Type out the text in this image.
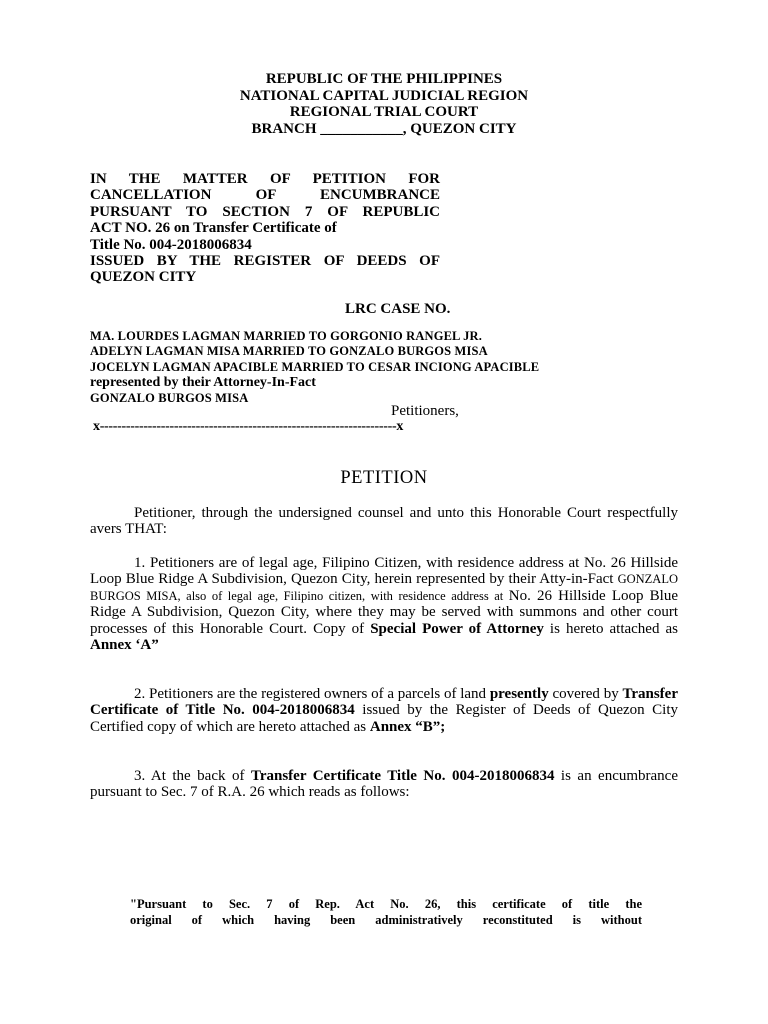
REPUBLIC OF THE PHILIPPINES
NATIONAL CAPITAL JUDICIAL REGION
REGIONAL TRIAL COURT
BRANCH ___________, QUEZON CITY
IN THE MATTER OF PETITION FOR
CANCELLATION OF ENCUMBRANCE
PURSUANT TO SECTION 7 OF REPUBLIC
ACT NO. 26 on Transfer Certificate of
Title No. 004-2018006834
ISSUED BY THE REGISTER OF DEEDS OF
QUEZON CITY
LRC CASE NO.
MA. LOURDES LAGMAN MARRIED TO GORGONIO RANGEL JR.
ADELYN LAGMAN MISA MARRIED TO GONZALO BURGOS MISA
JOCELYN LAGMAN APACIBLE MARRIED TO CESAR INCIONG APACIBLE
represented by their Attorney-In-Fact
GONZALO BURGOS MISA
Petitioners,
x--------------------------------------------------------------------x
PETITION
Petitioner, through the undersigned counsel and unto this Honorable Court respectfully avers THAT:
1. Petitioners are of legal age, Filipino Citizen, with residence address at No. 26 Hillside Loop Blue Ridge A Subdivision, Quezon City, herein represented by their Atty-in-Fact GONZALO BURGOS MISA, also of legal age, Filipino citizen, with residence address at No. 26 Hillside Loop Blue Ridge A Subdivision, Quezon City, where they may be served with summons and other court processes of this Honorable Court. Copy of Special Power of Attorney is hereto attached as Annex ‘A”
2. Petitioners are the registered owners of a parcels of land presently covered by Transfer Certificate of Title No. 004-2018006834 issued by the Register of Deeds of Quezon City Certified copy of which are hereto attached as Annex “B”;
3. At the back of Transfer Certificate Title No. 004-2018006834 is an encumbrance pursuant to Sec. 7 of R.A. 26 which reads as follows:
"Pursuant to Sec. 7 of Rep. Act No. 26, this certificate of title the
original of which having been administratively reconstituted is without
